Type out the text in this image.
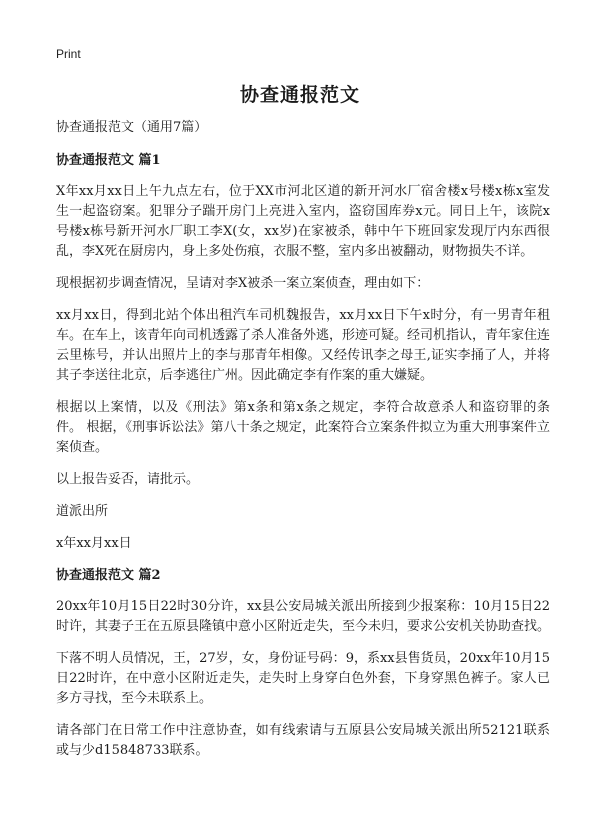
Print
协查通报范文

协查通报范文（通用7篇）

协查通报范文 篇1

X年xx月xx日上午九点左右，位于XX市河北区道的新开河水厂宿舍楼x号楼x栋x室发生一起盗窃案。犯罪分子踹开房门上亮进入室内，盗窃国库券x元。同日上午，该院x号楼x栋号新开河水厂职工李X(女，xx岁)在家被杀，韩中午下班回家发现厅内东西很乱，李X死在厨房内，身上多处伤痕，衣服不整，室内多出被翻动，财物损失不详。

现根据初步调查情况，呈请对李X被杀一案立案侦查，理由如下：

xx月xx日，得到北站个体出租汽车司机魏报告，xx月xx日下午x时分，有一男青年租车。在车上，该青年向司机透露了杀人准备外逃，形迹可疑。经司机指认，青年家住连云里栋号，并认出照片上的李与那青年相像。又经传讯李之母王,证实李捅了人，并将其子李送往北京，后李逃往广州。因此确定李有作案的重大嫌疑。

根据以上案情，以及《刑法》第x条和第x条之规定，李符合故意杀人和盗窃罪的条件。 根据，《刑事诉讼法》第八十条之规定，此案符合立案条件拟立为重大刑事案件立案侦查。

以上报告妥否，请批示。

道派出所

x年xx月xx日

协查通报范文 篇2

20xx年10月15日22时30分许，xx县公安局城关派出所接到少报案称：10月15日22时许，其妻子王在五原县隆镇中意小区附近走失，至今未归，要求公安机关协助查找。

下落不明人员情况，王，27岁，女，身份证号码：9，系xx县售货员，20xx年10月15日22时许，在中意小区附近走失，走失时上身穿白色外套，下身穿黑色裤子。家人已多方寻找，至今未联系上。

请各部门在日常工作中注意协查，如有线索请与五原县公安局城关派出所52121联系或与少d15848733联系。
